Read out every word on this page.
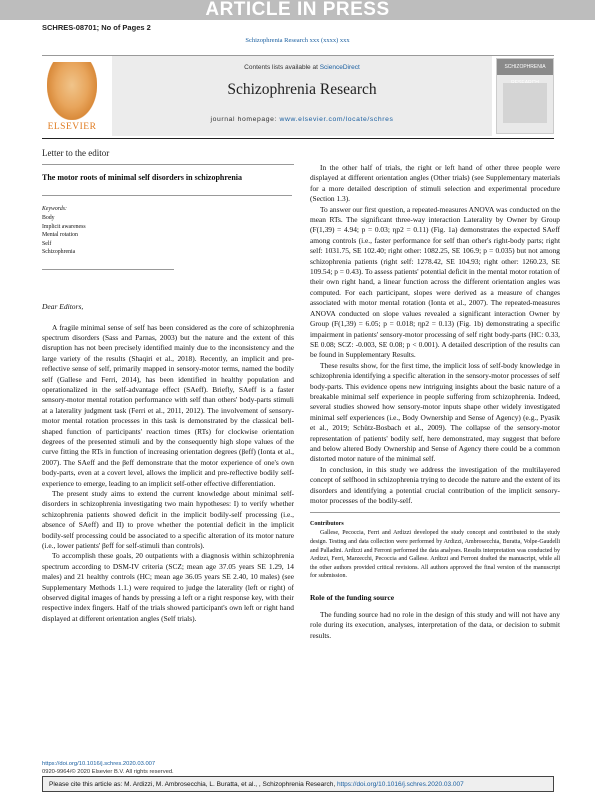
ARTICLE IN PRESS
SCHRES-08701; No of Pages 2
Schizophrenia Research xxx (xxxx) xxx
ELSEVIER
Contents lists available at ScienceDirect
Schizophrenia Research
journal homepage: www.elsevier.com/locate/schres
SCHIZOPHRENIA

Letter to the editor

The motor roots of minimal self disorders in schizophrenia

Keywords:

Body

Implicit awareness

Mental rotation

Self

Schizophrenia

Dear Editors,

A fragile minimal sense of self has been considered as the core of schizophrenia spectrum disorders (Sass and Parnas, 2003) but the nature and the extent of this disruption has not been precisely identified mainly due to the inconsistency and the large variety of the results (Shaqiri et al., 2018). Recently, an implicit and pre-reflective sense of self, primarily mapped in sensory-motor terms, named the bodily self (Gallese and Ferri, 2014), has been identified in healthy population and operationalized in the self-advantage effect (SAeff). Briefly, SAeff is a faster sensory-motor mental rotation performance with self than others' body-parts stimuli at a laterality judgment task (Ferri et al., 2011, 2012). The involvement of sensory-motor mental rotation processes in this task is demonstrated by the classical bell-shaped function of participants' reaction times (RTs) for clockwise orientation degrees of the presented stimuli and by the consequently high slope values of the curve fitting the RTs in function of increasing orientation degrees (βeff) (Ionta et al., 2007). The SAeff and the βeff demonstrate that the motor experience of one's own body-parts, even at a covert level, allows the implicit and pre-reflective bodily self-experience to emerge, leading to an implicit self-other effective differentiation.

The present study aims to extend the current knowledge about minimal self-disorders in schizophrenia investigating two main hypotheses: I) to verify whether schizophrenia patients showed deficit in the implicit bodily-self processing (i.e., absence of SAeff) and II) to prove whether the potential deficit in the implicit bodily-self processing could be associated to a specific alteration of its motor nature (i.e., lower patients' βeff for self-stimuli than controls).

To accomplish these goals, 20 outpatients with a diagnosis within schizophrenia spectrum according to DSM-IV criteria (SCZ; mean age 37.05 years SE 1.29, 14 males) and 21 healthy controls (HC; mean age 36.05 years SE 2.40, 10 males) (see Supplementary Methods 1.1.) were required to judge the laterality (left or right) of observed digital images of hands by pressing a left or a right response key, with their respective index fingers. Half of the trials showed participant's own left or right hand displayed at different orientation angles (Self trials).

In the other half of trials, the right or left hand of other three people were displayed at different orientation angles (Other trials) (see Supplementary materials for a more detailed description of stimuli selection and experimental procedure (Section 1.3).

To answer our first question, a repeated-measures ANOVA was conducted on the mean RTs. The significant three-way interaction Laterality by Owner by Group (F(1,39) = 4.94; p = 0.03; ηp2 = 0.11) (Fig. 1a) demonstrates the expected SAeff among controls (i.e., faster performance for self than other's right-body parts; right self: 1031.75, SE 102.40; right other: 1082.25, SE 106.9; p = 0.035) but not among schizophrenia patients (right self: 1278.42, SE 104.93; right other: 1260.23, SE 109.54; p = 0.43). To assess patients' potential deficit in the mental motor rotation of their own right hand, a linear function across the different orientation angles was computed. For each participant, slopes were derived as a measure of changes associated with motor mental rotation (Ionta et al., 2007). The repeated-measures ANOVA conducted on slope values revealed a significant interaction Owner by Group (F(1,39) = 6.05; p = 0.018; ηp2 = 0.13) (Fig. 1b) demonstrating a specific impairment in patients' sensory-motor processing of self right body-parts (HC: 0.33, SE 0.08; SCZ: -0.003, SE 0.08; p < 0.001). A detailed description of the results can be found in Supplementary Results.

These results show, for the first time, the implicit loss of self-body knowledge in schizophrenia identifying a specific alteration in the sensory-motor processes of self body-parts. This evidence opens new intriguing insights about the basic nature of a breakable minimal self experience in people suffering from schizophrenia. Indeed, several studies showed how sensory-motor inputs shape other widely investigated minimal self experiences (i.e., Body Ownership and Sense of Agency) (e.g., Pyasik et al., 2019; Schütz-Bosbach et al., 2009). The collapse of the sensory-motor representation of patients' bodily self, here demonstrated, may suggest that before and below altered Body Ownership and Sense of Agency there could be a common distorted motor nature of the minimal self.

In conclusion, in this study we address the investigation of the multilayered concept of selfhood in schizophrenia trying to decode the nature and the extent of its disorders and identifying a potential crucial contribution of the implicit sensory-motor processes of the bodily-self.

Contributors

Gallese, Pecoccia, Ferri and Ardizzi developed the study concept and contributed to the study design. Testing and data collection were performed by Ardizzi, Ambrosecchia, Buratta, Volpe-Gaudelli and Palladini. Ardizzi and Ferroni performed the data analyses. Results interpretation was conducted by Ardizzi, Ferri, Marzecchi, Pecoccia and Gallese. Ardizzi and Ferroni drafted the manuscript, while all the other authors provided critical revisions. All authors approved the final version of the manuscript for submission.

Role of the funding source

The funding source had no role in the design of this study and will not have any role during its execution, analyses, interpretation of the data, or decision to submit results.

https://doi.org/10.1016/j.schres.2020.03.007
0920-9964/© 2020 Elsevier B.V. All rights reserved.
Please cite this article as: M. Ardizzi, M. Ambrosecchia, L. Buratta, et al., , Schizophrenia Research, https://doi.org/10.1016/j.schres.2020.03.007
